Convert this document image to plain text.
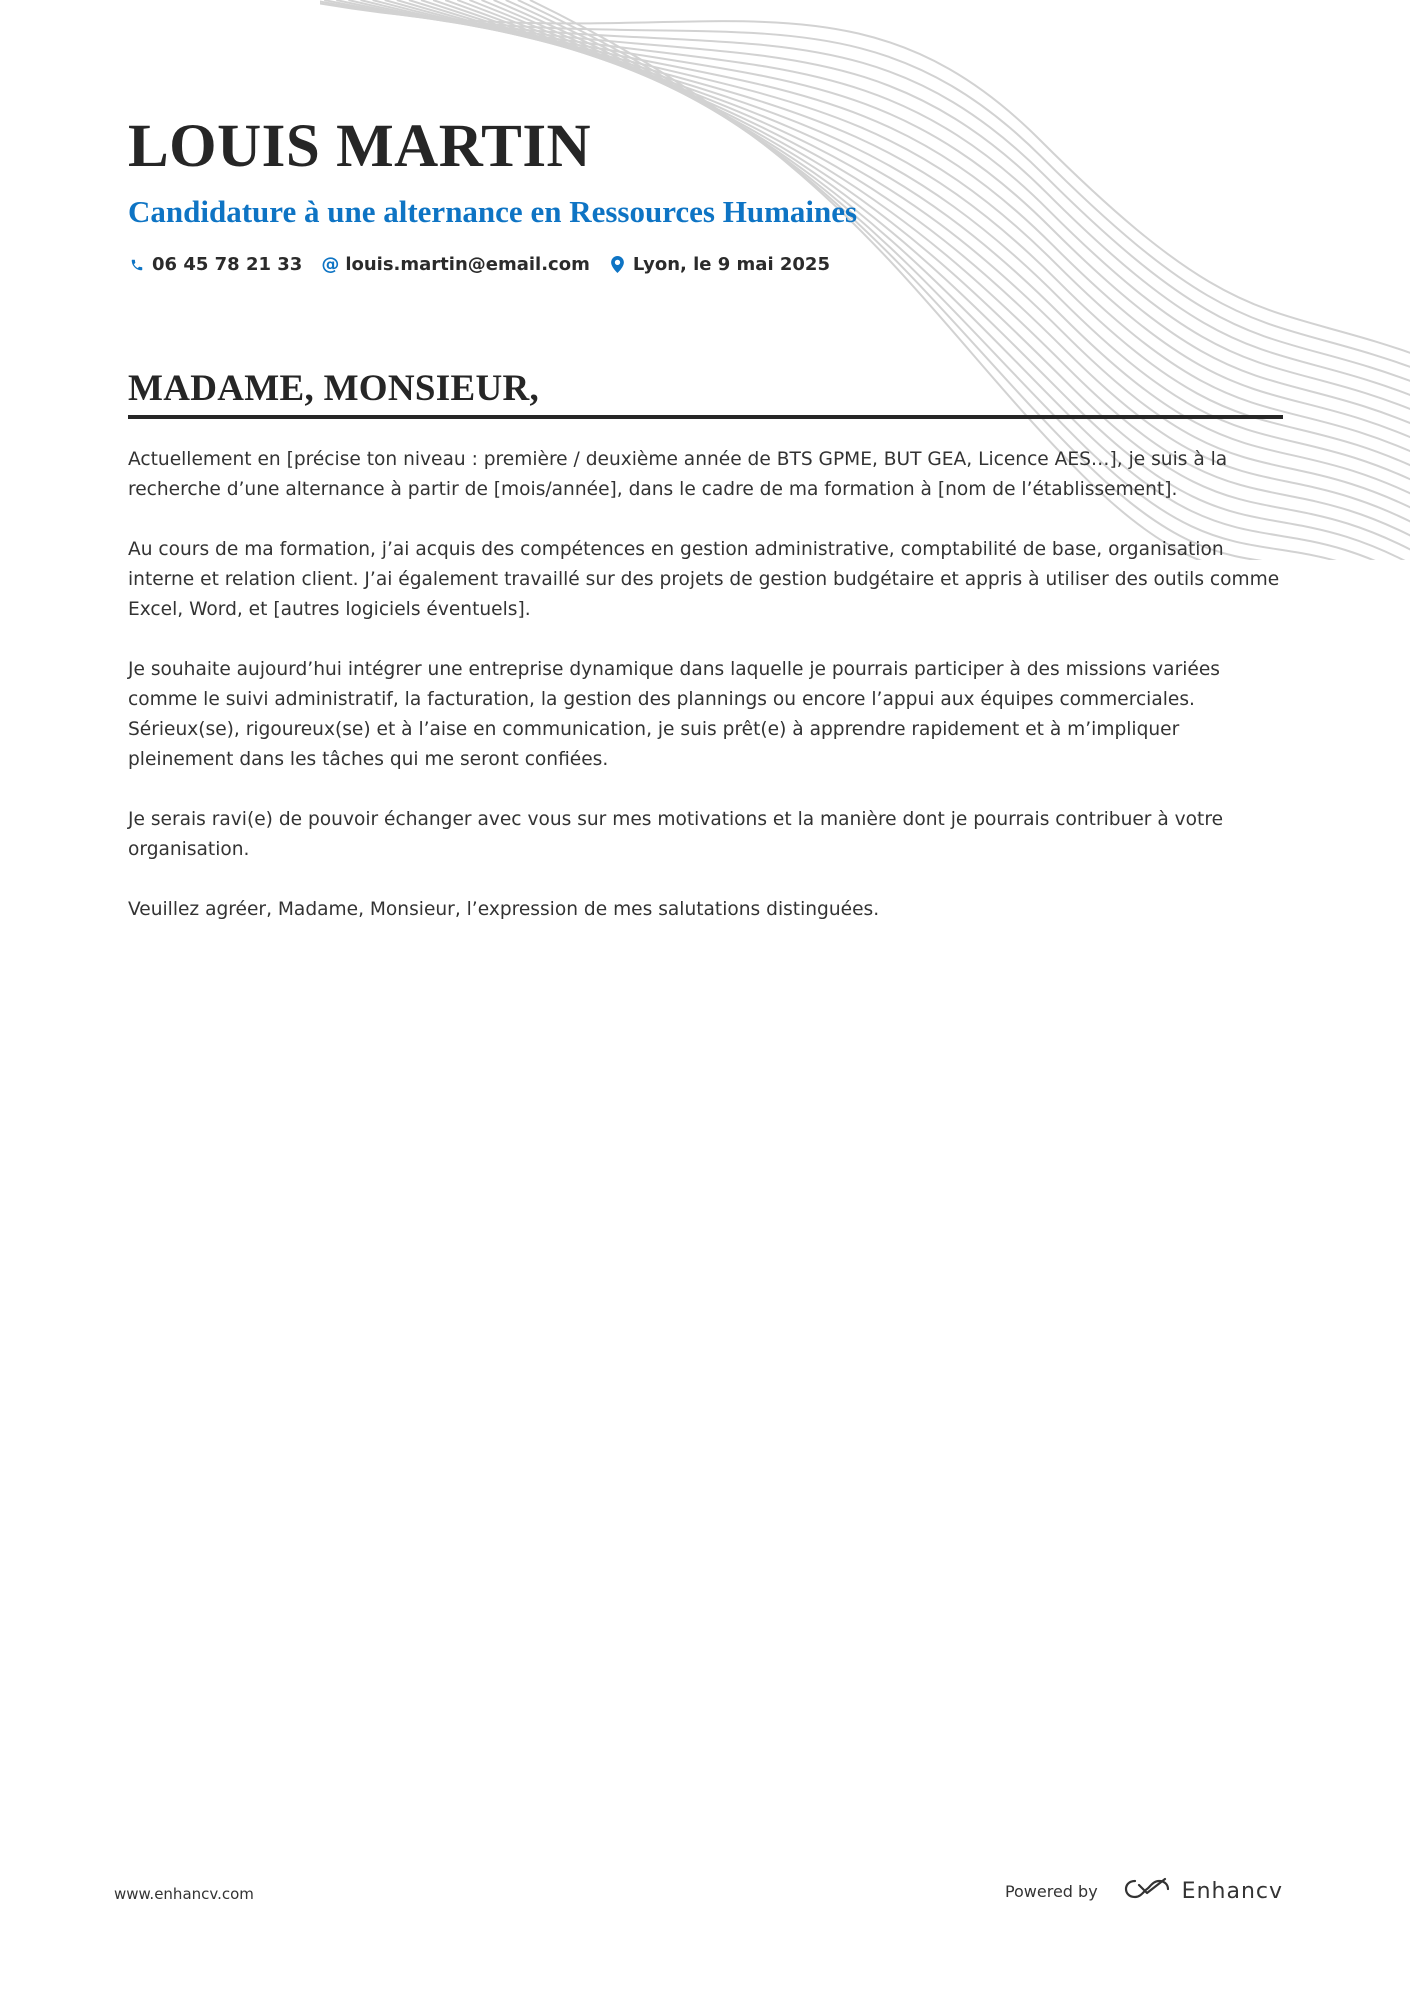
LOUIS MARTIN
Candidature à une alternance en Ressources Humaines
06 45 78 21 33 @ louis.martin@email.com Lyon, le 9 mai 2025
MADAME, MONSIEUR,

Actuellement en [précise ton niveau : première / deuxième année de BTS GPME, BUT GEA, Licence AES…], je suis à la recherche d’une alternance à partir de [mois/année], dans le cadre de ma formation à [nom de l’établissement].

Au cours de ma formation, j’ai acquis des compétences en gestion administrative, comptabilité de base, organisation interne et relation client. J’ai également travaillé sur des projets de gestion budgétaire et appris à utiliser des outils comme Excel, Word, et [autres logiciels éventuels].

Je souhaite aujourd’hui intégrer une entreprise dynamique dans laquelle je pourrais participer à des missions variées comme le suivi administratif, la facturation, la gestion des plannings ou encore l’appui aux équipes commerciales. Sérieux(se), rigoureux(se) et à l’aise en communication, je suis prêt(e) à apprendre rapidement et à m’impliquer pleinement dans les tâches qui me seront confiées.

Je serais ravi(e) de pouvoir échanger avec vous sur mes motivations et la manière dont je pourrais contribuer à votre organisation.

Veuillez agréer, Madame, Monsieur, l’expression de mes salutations distinguées.

www.enhancv.com	Powered by	Enhancv
